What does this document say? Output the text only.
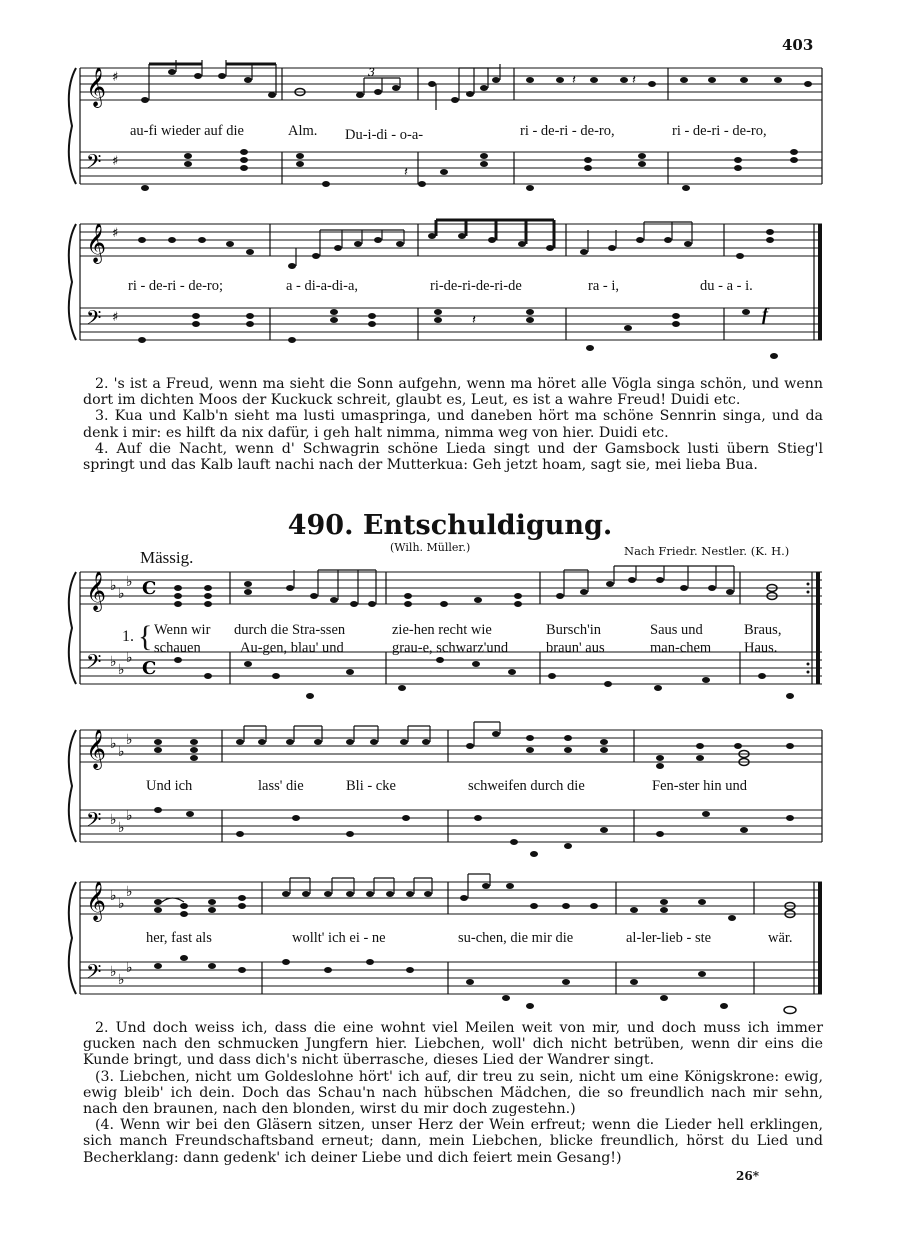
403
𝄞
𝄢
♯
♯
3
𝄽
𝄽	𝄽
au-fi wieder auf die	Alm. Du-i-di - o-a-	ri - de-ri - de-ro,	ri - de-ri - de-ro,
𝄞
𝄢
♯
♯	𝄽	f
ri - de-ri - de-ro;	a - di-a-di-a,	ri-de-ri-de-ri-de	ra - i,	du - a - i.

2. 's ist a Freud, wenn ma sieht die Sonn aufgehn, wenn ma höret alle Vögla singa schön, und wenn dort im dichten Moos der Kuckuck schreit, glaubt es, Leut, es ist a wahre Freud! Duidi etc.

3. Kua und Kalb'n sieht ma lusti umaspringa, und daneben hört ma schöne Sennrin singa, und da denk i mir: es hilft da nix dafür, i geh halt nimma, nimma weg von hier. Duidi etc.

4. Auf die Nacht, wenn d' Schwagrin schöne Lieda singt und der Gamsbock lusti übern Stieg'l springt und das Kalb lauft nachi nach der Mutterkua: Geh jetzt hoam, sagt sie, mei lieba Bua.

490. Entschuldigung.
(Wilh. Müller.)	Nach Friedr. Nestler. (K. H.)
Mässig.
𝄞
𝄢
♭ ♭
♭
♭ ♭
♭
C
C
1. { Wenn wir durch die Stra-ssen	zie-hen recht wie	Bursch'in	Saus und	Braus,
schauen	Au-gen, blau' und	grau-e, schwarz'und	braun' aus	man-chem Haus.
𝄞
𝄢
♭ ♭
♭
♭ ♭
♭
Und ich	lass' die	Bli - cke	schweifen durch die	Fen-ster hin und
𝄞
𝄢
♭ ♭
♭
♭ ♭
♭
her, fast als	wollt' ich ei - ne	su-chen, die mir die	al-ler-lieb - ste	wär.

2. Und doch weiss ich, dass die eine wohnt viel Meilen weit von mir, und doch muss ich immer gucken nach den schmucken Jungfern hier. Liebchen, woll' dich nicht betrüben, wenn dir eins die Kunde bringt, und dass dich's nicht überrasche, dieses Lied der Wandrer singt.

(3. Liebchen, nicht um Goldeslohne hört' ich auf, dir treu zu sein, nicht um eine Königskrone: ewig, ewig bleib' ich dein. Doch das Schau'n nach hübschen Mädchen, die so freundlich nach mir sehn, nach den braunen, nach den blonden, wirst du mir doch zugestehn.)

(4. Wenn wir bei den Gläsern sitzen, unser Herz der Wein erfreut; wenn die Lieder hell erklingen, sich manch Freundschaftsband erneut; dann, mein Liebchen, blicke freundlich, hörst du Lied und Becherklang: dann gedenk' ich deiner Liebe und dich feiert mein Gesang!)

26*
